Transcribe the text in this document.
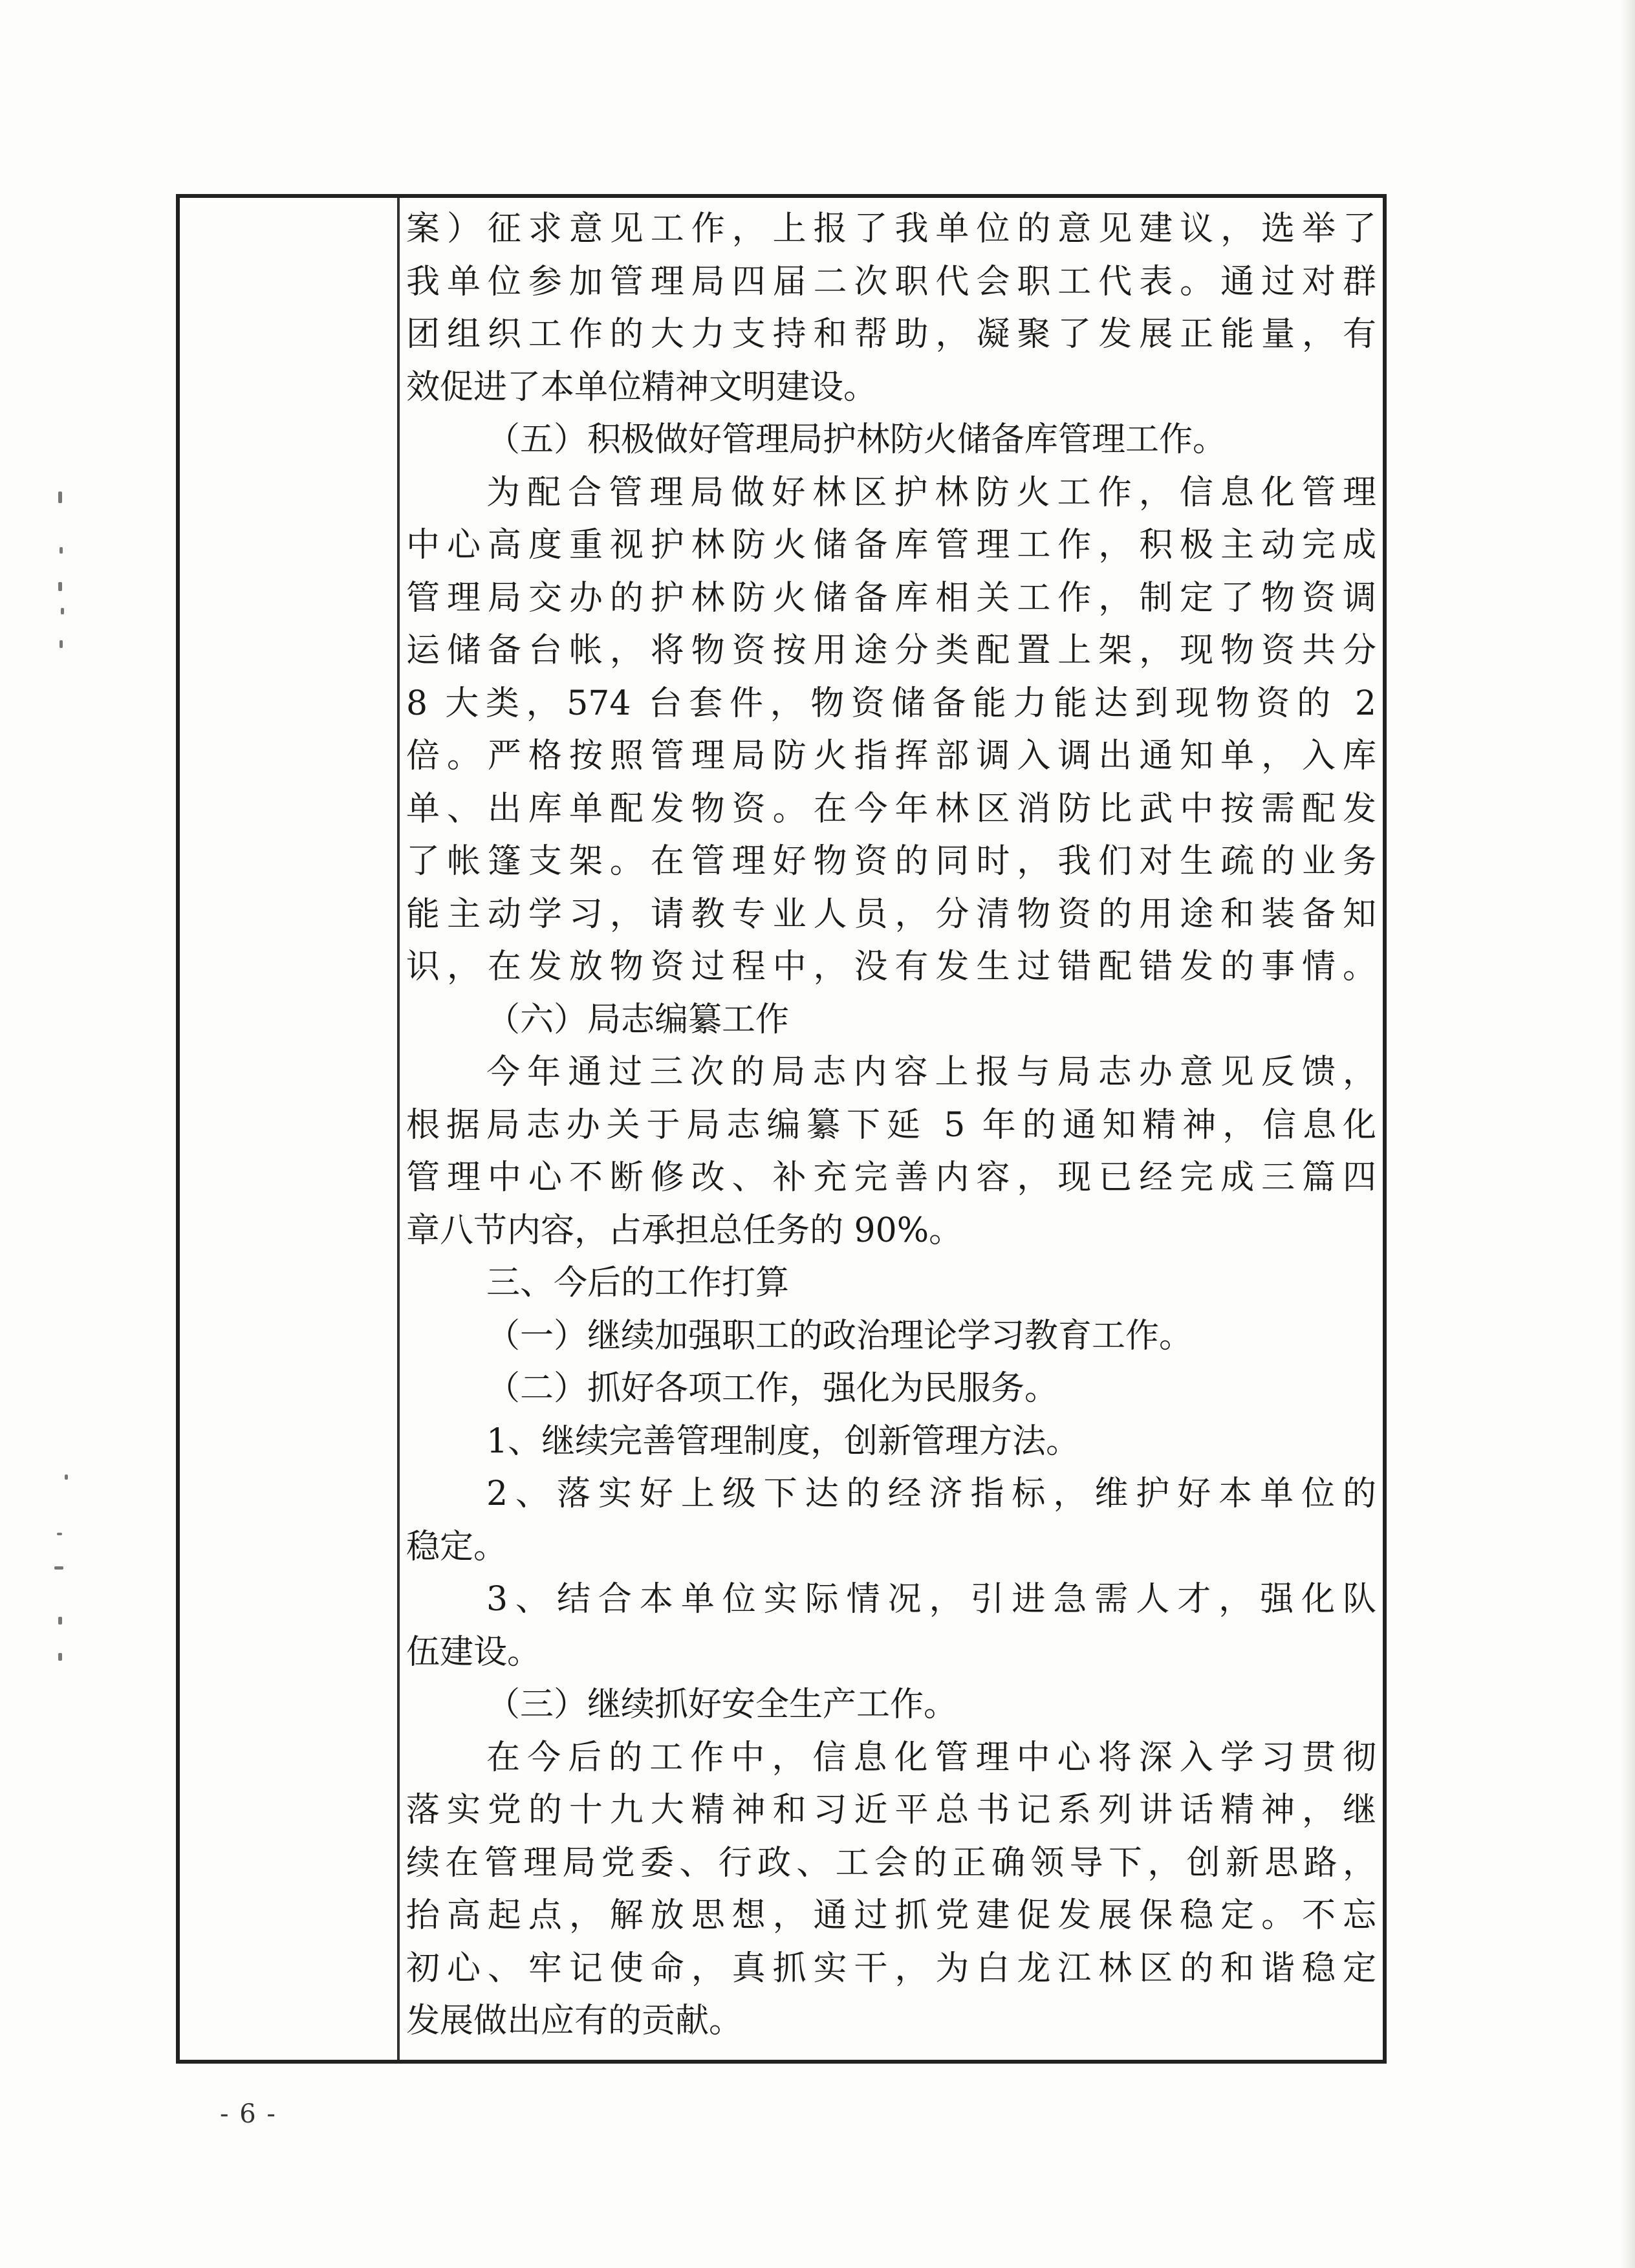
案）征求意见工作，上报了我单位的意见建议，选举了
我单位参加管理局四届二次职代会职工代表。通过对群
团组织工作的大力支持和帮助，凝聚了发展正能量，有
效促进了本单位精神文明建设。
（五）积极做好管理局护林防火储备库管理工作。
为配合管理局做好林区护林防火工作，信息化管理
中心高度重视护林防火储备库管理工作，积极主动完成
管理局交办的护林防火储备库相关工作，制定了物资调
运储备台帐，将物资按用途分类配置上架，现物资共分
8 大类，574 台套件，物资储备能力能达到现物资的 2
倍。严格按照管理局防火指挥部调入调出通知单，入库
单、出库单配发物资。在今年林区消防比武中按需配发
了帐篷支架。在管理好物资的同时，我们对生疏的业务
能主动学习，请教专业人员，分清物资的用途和装备知
识，在发放物资过程中，没有发生过错配错发的事情。
（六）局志编纂工作
今年通过三次的局志内容上报与局志办意见反馈，
根据局志办关于局志编纂下延 5 年的通知精神，信息化
管理中心不断修改、补充完善内容，现已经完成三篇四
章八节内容，占承担总任务的 90%。
三、今后的工作打算
（一）继续加强职工的政治理论学习教育工作。
（二）抓好各项工作，强化为民服务。
1、继续完善管理制度，创新管理方法。
2、落实好上级下达的经济指标，维护好本单位的
稳定。
3、结合本单位实际情况，引进急需人才，强化队
伍建设。
（三）继续抓好安全生产工作。
在今后的工作中，信息化管理中心将深入学习贯彻
落实党的十九大精神和习近平总书记系列讲话精神，继
续在管理局党委、行政、工会的正确领导下，创新思路，
抬高起点，解放思想，通过抓党建促发展保稳定。不忘
初心、牢记使命，真抓实干，为白龙江林区的和谐稳定
发展做出应有的贡献。
- 6 -
